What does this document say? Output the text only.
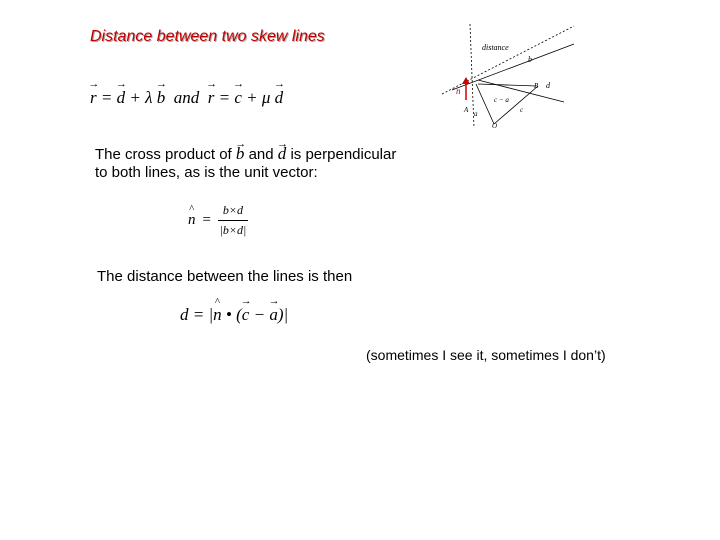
Distance between two skew lines
→ r = → d + λ → b and → r = → c + μ → d
The cross product of → b and → d is perpendicular
to both lines, as is the unit vector:
^ $n = \frac{b\times d}{|b\times d|}$
The distance between the lines is then
d = |^ n • (→ c − → a)|
(sometimes I see it, sometimes I don’t)
distance
b
d
n
A
B
O
a	c
c − a
